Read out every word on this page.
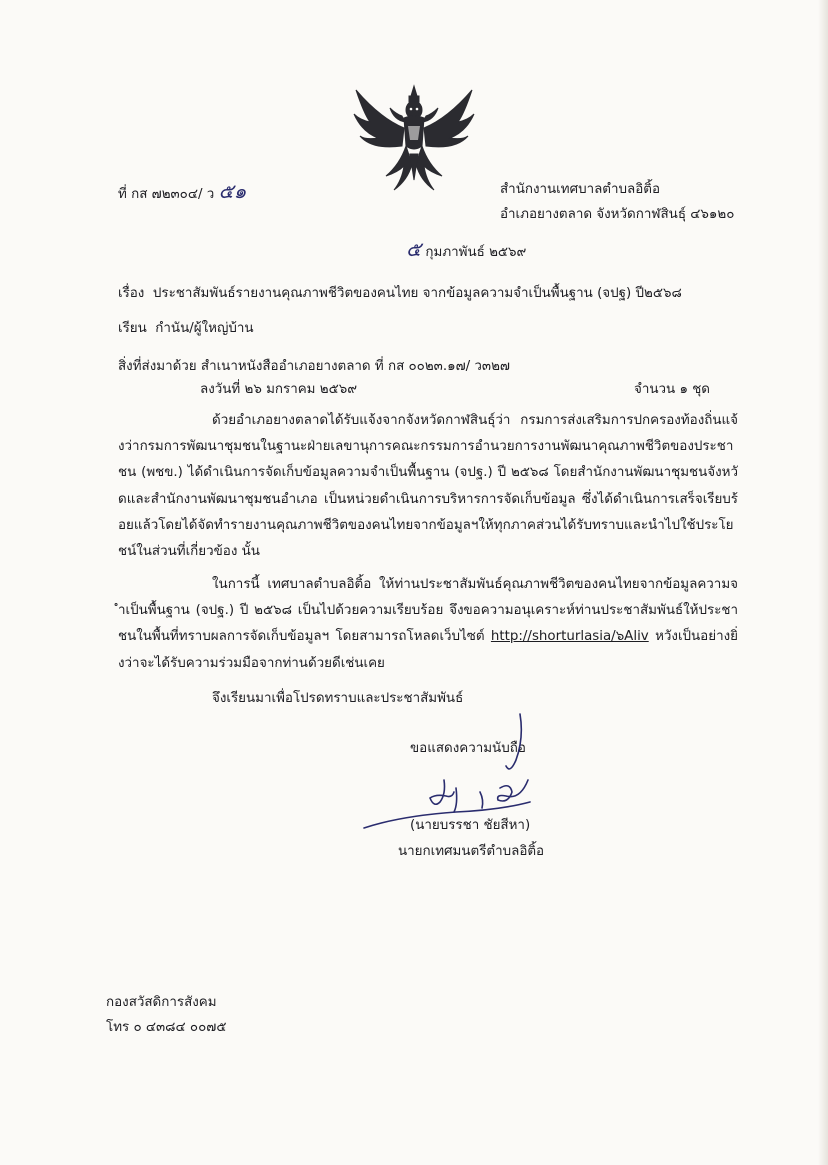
ที่ กส ๗๒๓๐๔/ ว ๕๑	สำนักงานเทศบาลตำบลอิติ้อ
อำเภอยางตลาด จังหวัดกาฬสินธุ์ ๔๖๑๒๐
๕ กุมภาพันธ์ ๒๕๖๙
เรื่อง ประชาสัมพันธ์รายงานคุณภาพชีวิตของคนไทย จากข้อมูลความจำเป็นพื้นฐาน (จปฐ) ปี๒๕๖๘
เรียน กำนัน/ผู้ใหญ่บ้าน
สิ่งที่ส่งมาด้วย สำเนาหนังสืออำเภอยางตลาด ที่ กส ๐๐๒๓.๑๗/ ว๓๒๗
ลงวันที่ ๒๖ มกราคม ๒๕๖๙	จำนวน ๑ ชุด

ด้วยอำเภอยางตลาดได้รับแจ้งจากจังหวัดกาฬสินธุ์ว่า กรมการส่งเสริมการปกครองท้องถิ่นแจ้งว่ากรมการพัฒนาชุมชนในฐานะฝ่ายเลขานุการคณะกรรมการอำนวยการงานพัฒนาคุณภาพชีวิตของประชาชน (พชข.) ได้ดำเนินการจัดเก็บข้อมูลความจำเป็นพื้นฐาน (จปฐ.) ปี ๒๕๖๘ โดยสำนักงานพัฒนาชุมชนจังหวัดและสำนักงานพัฒนาชุมชนอำเภอ เป็นหน่วยดำเนินการบริหารการจัดเก็บข้อมูล ซึ่งได้ดำเนินการเสร็จเรียบร้อยแล้วโดยได้จัดทำรายงานคุณภาพชีวิตของคนไทยจากข้อมูลฯให้ทุกภาคส่วนได้รับทราบและนำไปใช้ประโยชน์ในส่วนที่เกี่ยวข้อง นั้น

ในการนี้ เทศบาลตำบลอิติ้อ ให้ท่านประชาสัมพันธ์คุณภาพชีวิตของคนไทยจากข้อมูลความจำเป็นพื้นฐาน (จปฐ.) ปี ๒๕๖๘ เป็นไปด้วยความเรียบร้อย จึงขอความอนุเคราะห์ท่านประชาสัมพันธ์ให้ประชาชนในพื้นที่ทราบผลการจัดเก็บข้อมูลฯ โดยสามารถโหลดเว็บไซต์ http://shorturlasia/๖Aliv หวังเป็นอย่างยิ่งว่าจะได้รับความร่วมมือจากท่านด้วยดีเช่นเคย

จึงเรียนมาเพื่อโปรดทราบและประชาสัมพันธ์
ขอแสดงความนับถือ
(นายบรรชา ชัยสีหา)
นายกเทศมนตรีตำบลอิติ้อ
กองสวัสดิการสังคม
โทร ๐ ๔๓๘๔ ๐๐๗๕
